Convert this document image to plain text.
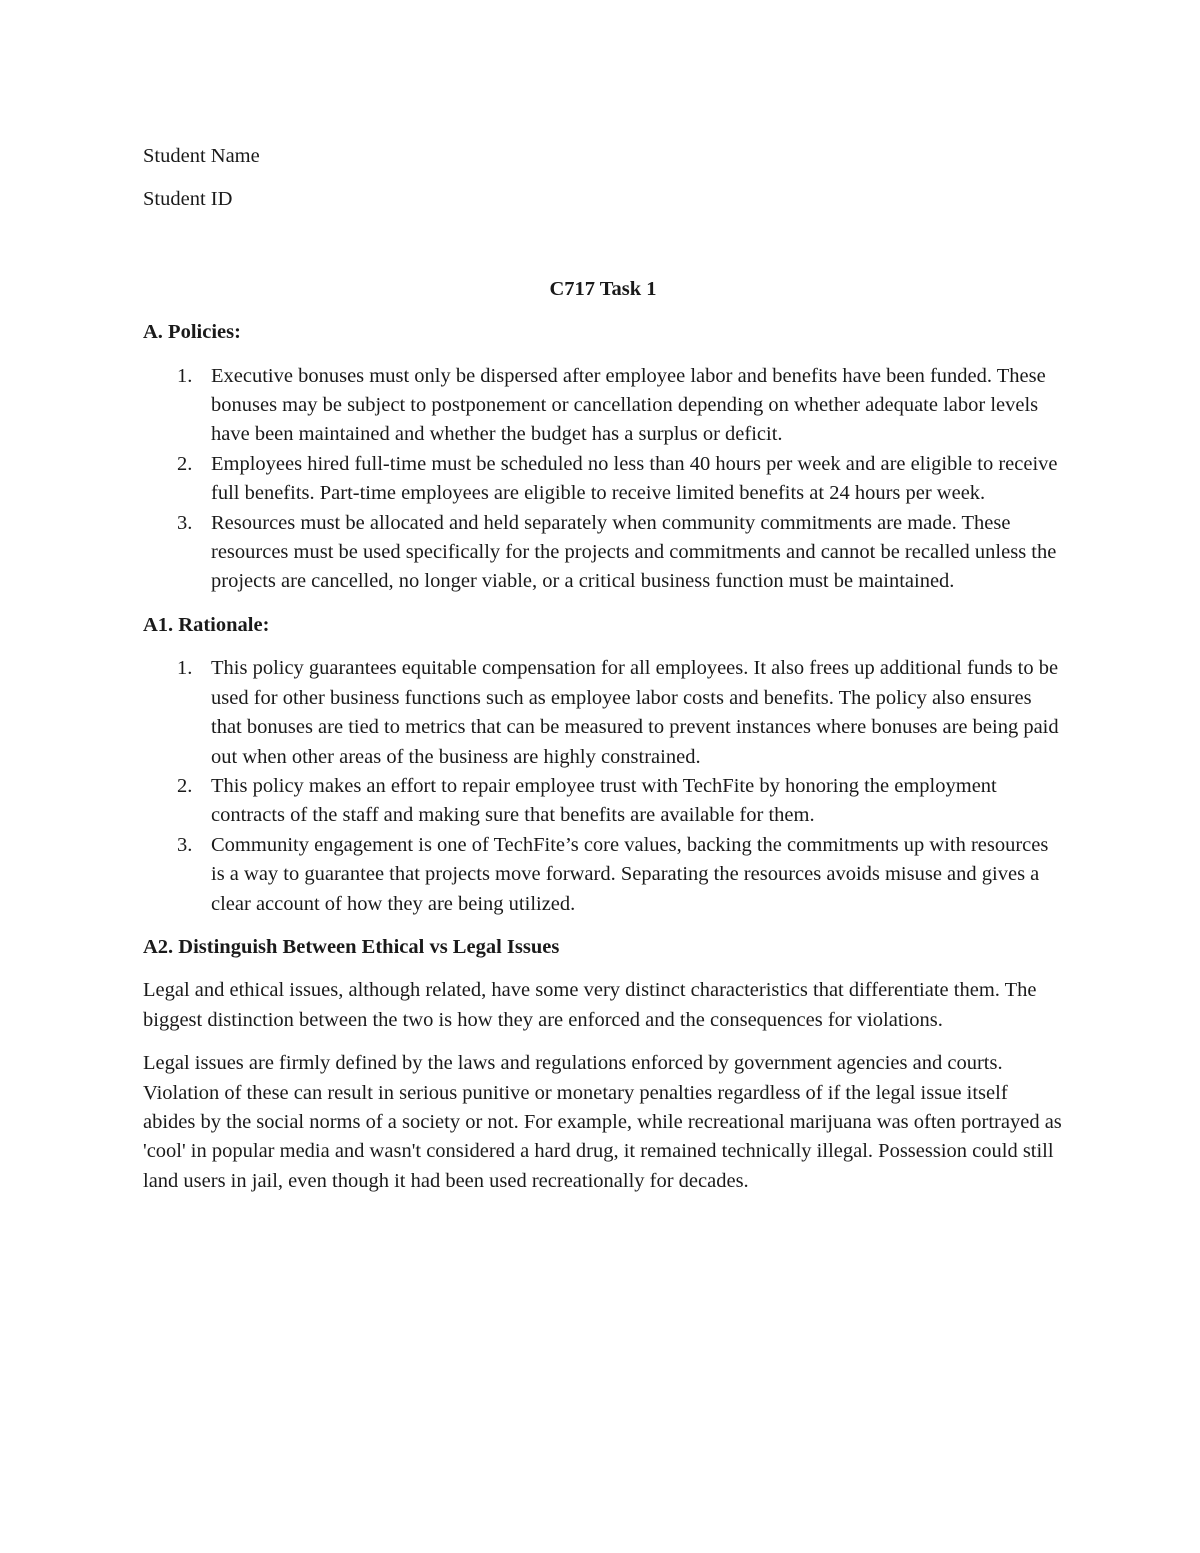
Student Name
Student ID
C717 Task 1
A. Policies:
1. Executive bonuses must only be dispersed after employee labor and benefits have been funded. These bonuses may be subject to postponement or cancellation depending on whether adequate labor levels have been maintained and whether the budget has a surplus or deficit.
2. Employees hired full-time must be scheduled no less than 40 hours per week and are eligible to receive full benefits. Part-time employees are eligible to receive limited benefits at 24 hours per week.
3. Resources must be allocated and held separately when community commitments are made. These resources must be used specifically for the projects and commitments and cannot be recalled unless the projects are cancelled, no longer viable, or a critical business function must be maintained.
A1. Rationale:
1. This policy guarantees equitable compensation for all employees. It also frees up additional funds to be used for other business functions such as employee labor costs and benefits. The policy also ensures that bonuses are tied to metrics that can be measured to prevent instances where bonuses are being paid out when other areas of the business are highly constrained.
2. This policy makes an effort to repair employee trust with TechFite by honoring the employment contracts of the staff and making sure that benefits are available for them.
3. Community engagement is one of TechFite’s core values, backing the commitments up with resources is a way to guarantee that projects move forward. Separating the resources avoids misuse and gives a clear account of how they are being utilized.
A2. Distinguish Between Ethical vs Legal Issues

Legal and ethical issues, although related, have some very distinct characteristics that differentiate them. The biggest distinction between the two is how they are enforced and the consequences for violations.

Legal issues are firmly defined by the laws and regulations enforced by government agencies and courts. Violation of these can result in serious punitive or monetary penalties regardless of if the legal issue itself abides by the social norms of a society or not. For example, while recreational marijuana was often portrayed as 'cool' in popular media and wasn't considered a hard drug, it remained technically illegal. Possession could still land users in jail, even though it had been used recreationally for decades.
